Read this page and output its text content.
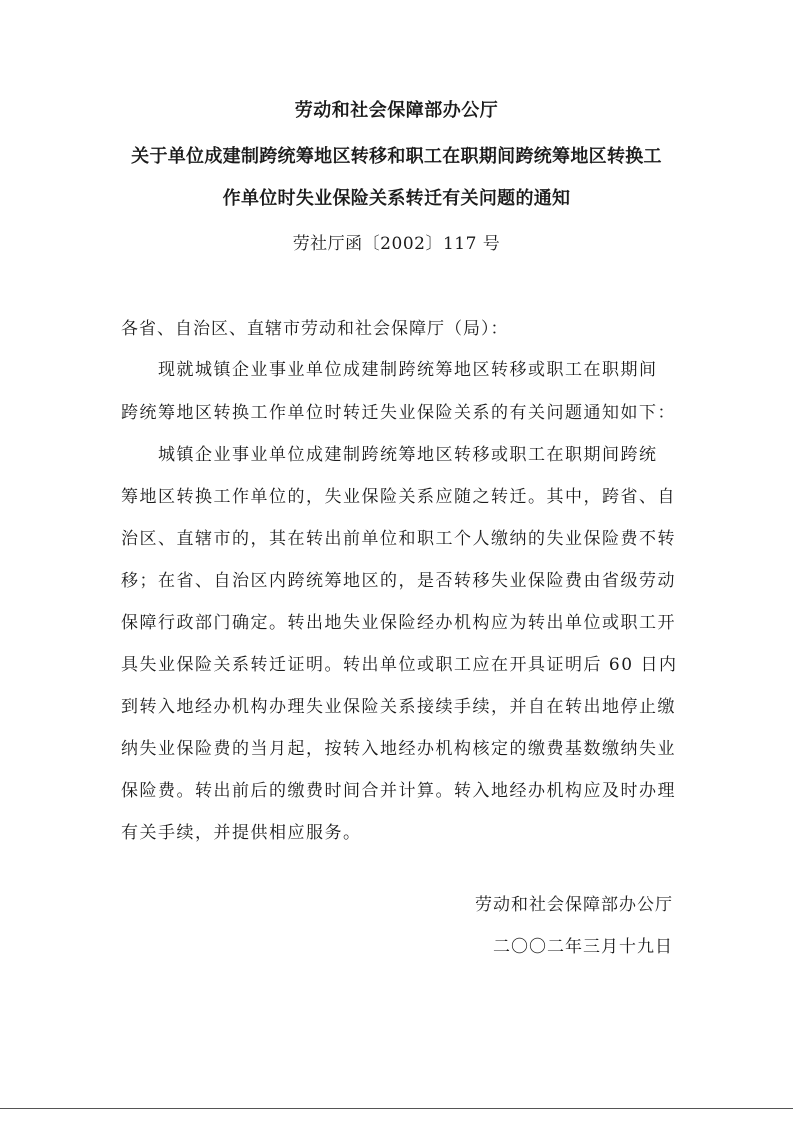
劳动和社会保障部办公厅
关于单位成建制跨统筹地区转移和职工在职期间跨统筹地区转换工
作单位时失业保险关系转迁有关问题的通知
劳社厅函〔2002〕117 号
各省、自治区、直辖市劳动和社会保障厅（局）：
现就城镇企业事业单位成建制跨统筹地区转移或职工在职期间
跨统筹地区转换工作单位时转迁失业保险关系的有关问题通知如下：
城镇企业事业单位成建制跨统筹地区转移或职工在职期间跨统
筹地区转换工作单位的，失业保险关系应随之转迁。其中，跨省、自
治区、直辖市的，其在转出前单位和职工个人缴纳的失业保险费不转
移；在省、自治区内跨统筹地区的，是否转移失业保险费由省级劳动
保障行政部门确定。转出地失业保险经办机构应为转出单位或职工开
具失业保险关系转迁证明。转出单位或职工应在开具证明后 60 日内
到转入地经办机构办理失业保险关系接续手续，并自在转出地停止缴
纳失业保险费的当月起，按转入地经办机构核定的缴费基数缴纳失业
保险费。转出前后的缴费时间合并计算。转入地经办机构应及时办理
有关手续，并提供相应服务。
劳动和社会保障部办公厅
二〇〇二年三月十九日
